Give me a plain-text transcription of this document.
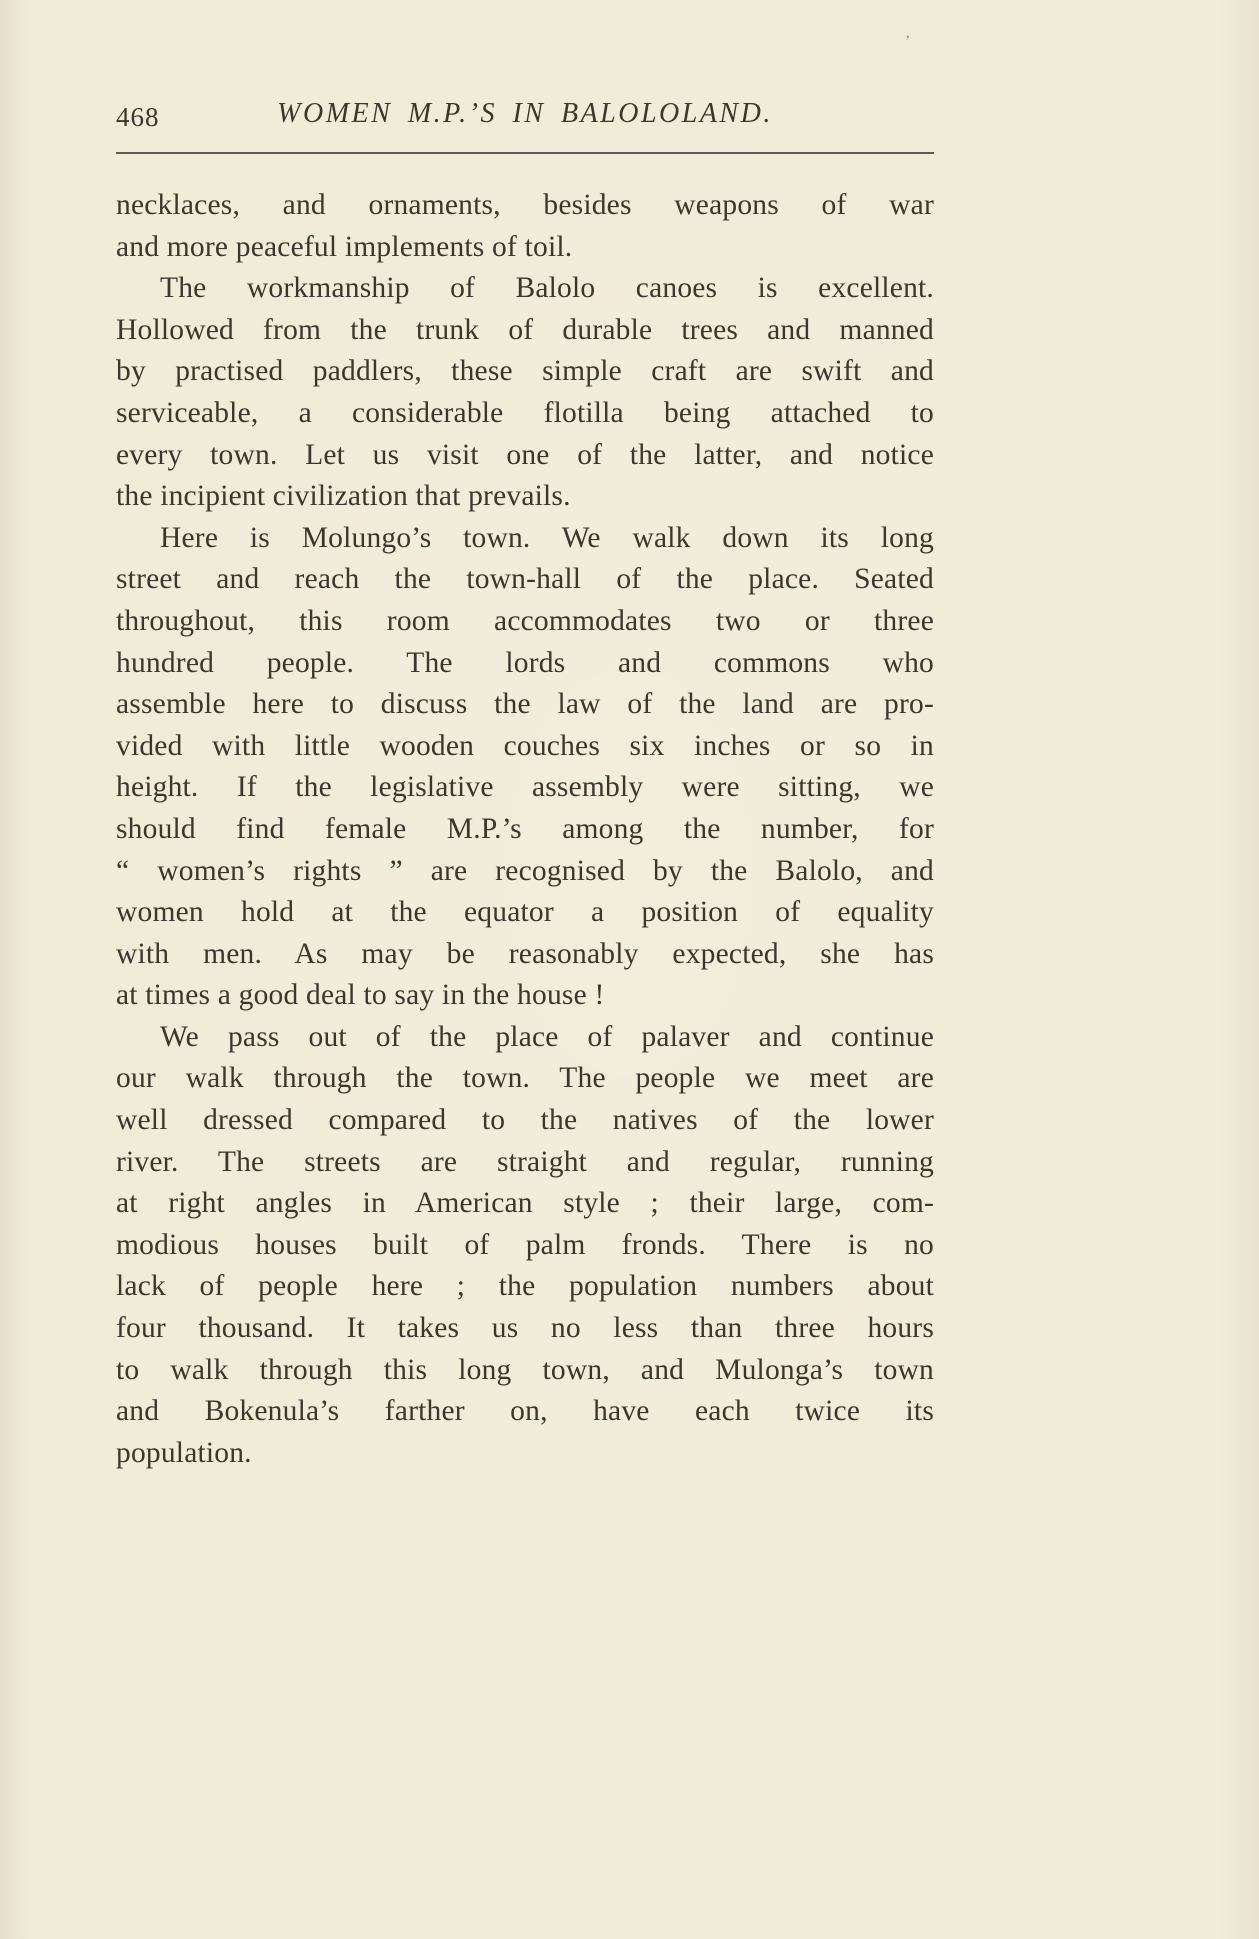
’
468	WOMEN M.P.’S IN BALOLOLAND.
necklaces, and ornaments, besides weapons of war
and more peaceful implements of toil.
The workmanship of Balolo canoes is excellent.
Hollowed from the trunk of durable trees and manned
by practised paddlers, these simple craft are swift and
serviceable, a considerable flotilla being attached to
every town. Let us visit one of the latter, and notice
the incipient civilization that prevails.
Here is Molungo’s town. We walk down its long
street and reach the town-hall of the place. Seated
throughout, this room accommodates two or three
hundred people. The lords and commons who
assemble here to discuss the law of the land are pro-
vided with little wooden couches six inches or so in
height. If the legislative assembly were sitting, we
should find female M.P.’s among the number, for
“ women’s rights ” are recognised by the Balolo, and
women hold at the equator a position of equality
with men. As may be reasonably expected, she has
at times a good deal to say in the house !
We pass out of the place of palaver and continue
our walk through the town. The people we meet are
well dressed compared to the natives of the lower
river. The streets are straight and regular, running
at right angles in American style ; their large, com-
modious houses built of palm fronds. There is no
lack of people here ; the population numbers about
four thousand. It takes us no less than three hours
to walk through this long town, and Mulonga’s town
and Bokenula’s farther on, have each twice its
population.
